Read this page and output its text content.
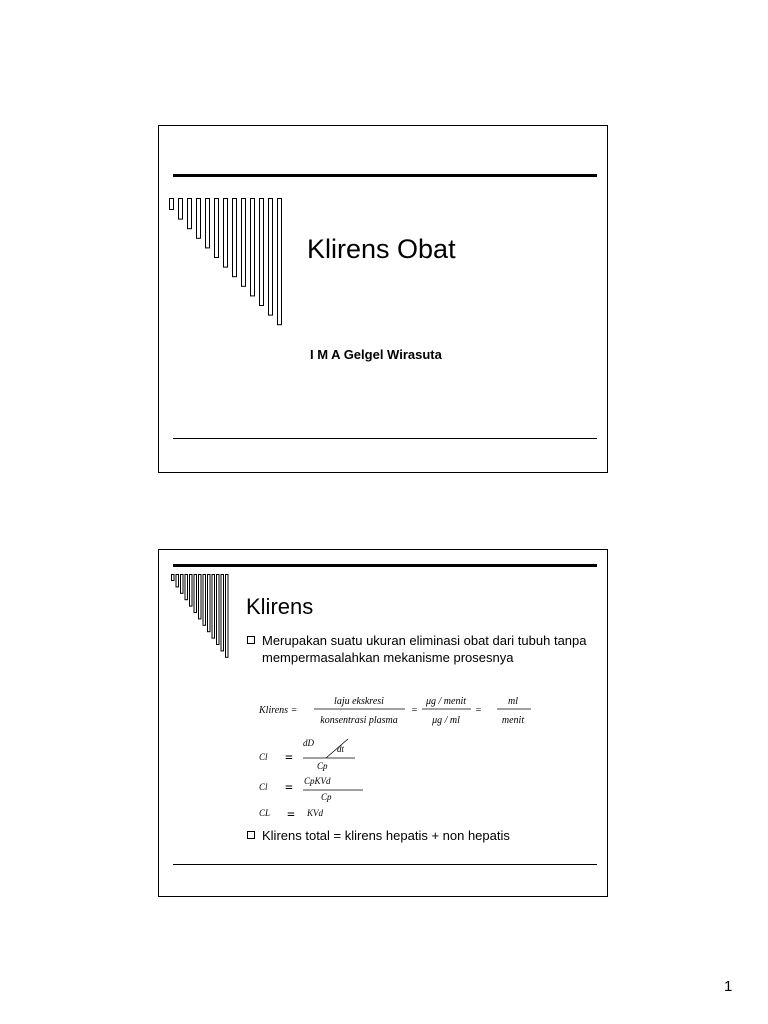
Klirens Obat
I M A Gelgel Wirasuta
Klirens
Merupakan suatu ukuran eliminasi obat dari tubuh tanpa mempermasalahkan mekanisme prosesnya
Klirens =
laju ekskresi
konsentrasi plasma
=
μg / menit
μg / ml
=
ml
menit
Cl =
dD
dt
Cp
Cl = CpKVd
Cp
CL = KVd
Klirens total = klirens hepatis + non hepatis
1
